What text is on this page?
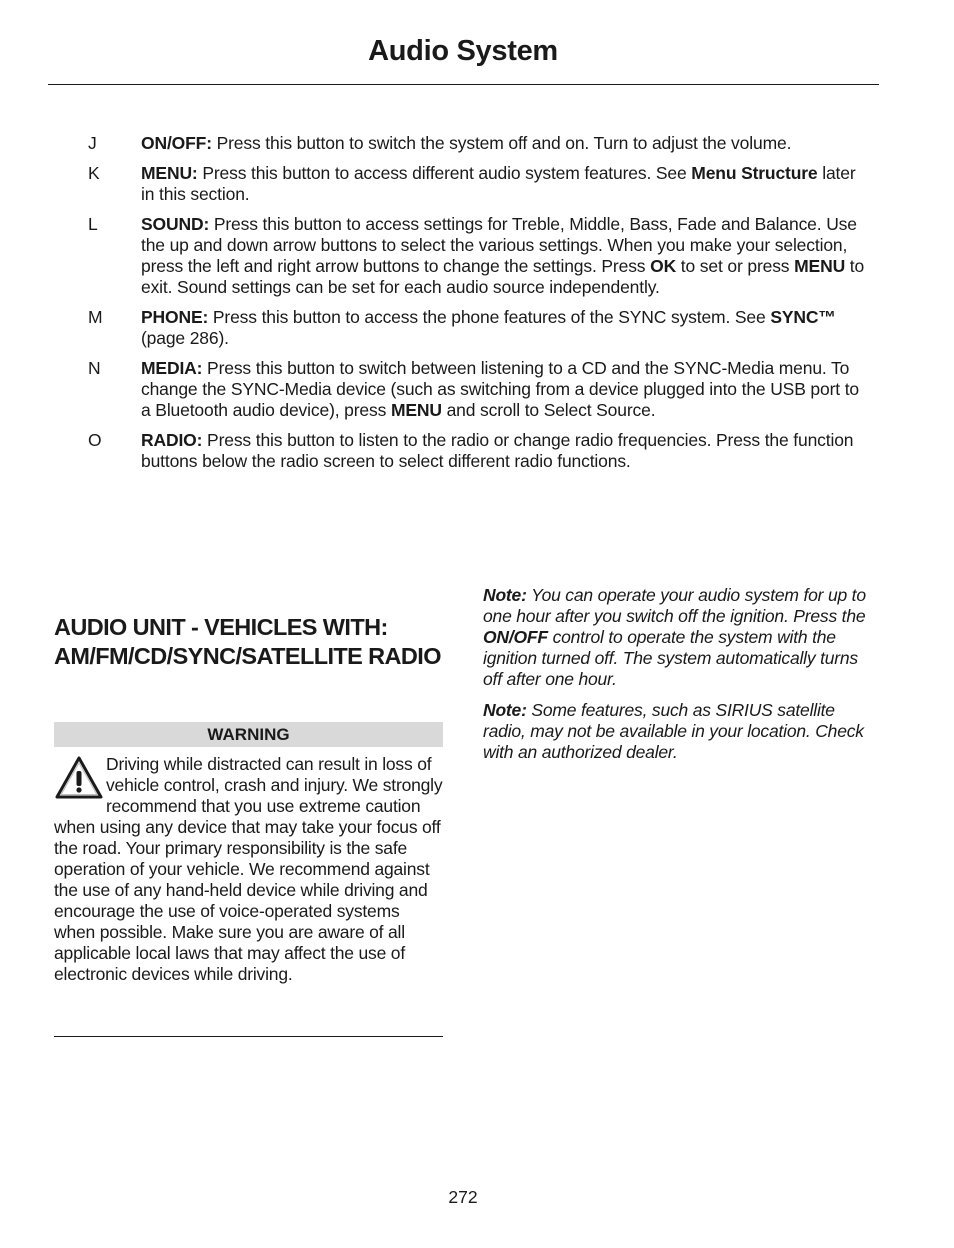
Audio System
J	ON/OFF: Press this button to switch the system off and on. Turn to adjust the volume.
K	MENU: Press this button to access different audio system features. See Menu Structure later in this section.
L	SOUND: Press this button to access settings for Treble, Middle, Bass, Fade and Balance. Use the up and down arrow buttons to select the various settings. When you make your selection, press the left and right arrow buttons to change the settings. Press OK to set or press MENU to exit. Sound settings can be set for each audio source independently.
M	PHONE: Press this button to access the phone features of the SYNC system. See SYNC™ (page 286).
N	MEDIA: Press this button to switch between listening to a CD and the SYNC-Media menu. To change the SYNC-Media device (such as switching from a device plugged into the USB port to a Bluetooth audio device), press MENU and scroll to Select Source.
O	RADIO: Press this button to listen to the radio or change radio frequencies. Press the function buttons below the radio screen to select different radio functions.
AUDIO UNIT - VEHICLES WITH: AM/FM/CD/SYNC/SATELLITE RADIO
WARNING
Driving while distracted can result in loss of vehicle control, crash and injury. We strongly recommend that you use extreme caution when using any device that may take your focus off the road. Your primary responsibility is the safe operation of your vehicle. We recommend against the use of any hand-held device while driving and encourage the use of voice-operated systems when possible. Make sure you are aware of all applicable local laws that may affect the use of electronic devices while driving.
Note: You can operate your audio system for up to one hour after you switch off the ignition. Press the ON/OFF control to operate the system with the ignition turned off. The system automatically turns off after one hour.
Note: Some features, such as SIRIUS satellite radio, may not be available in your location. Check with an authorized dealer.
272
